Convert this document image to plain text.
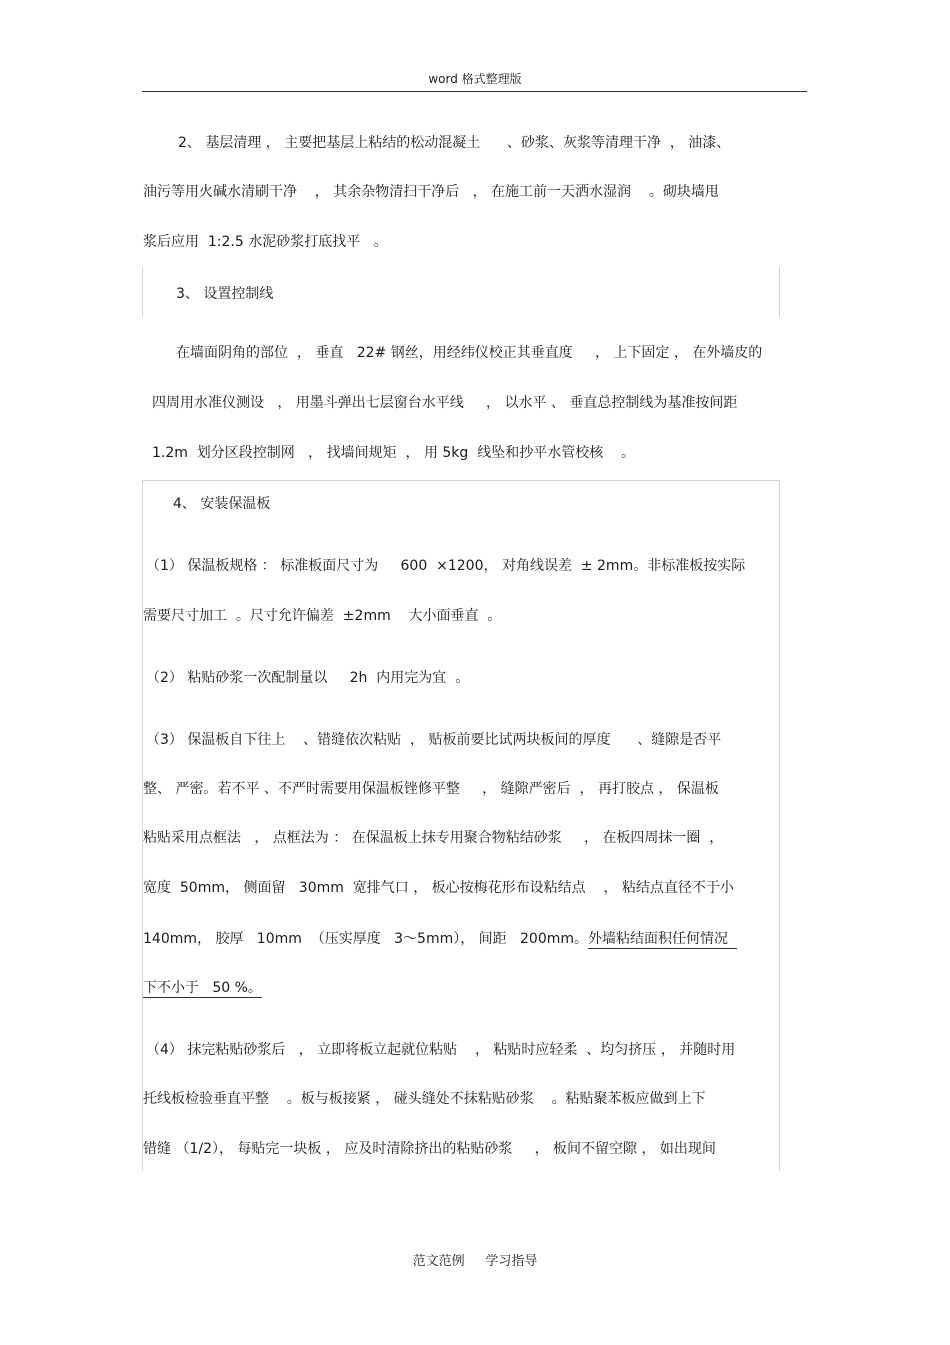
word 格式整理版
2、 基层清理 ， 主要把基层上粘结的松动混凝土      、砂浆、灰浆等清理干净  ， 油漆、
油污等用火碱水清刷干净    ， 其余杂物清扫干净后   ， 在施工前一天洒水湿润    。砌块墙甩
浆后应用  1:2.5 水泥砂浆打底找平   。
3、 设置控制线
在墙面阴角的部位  ， 垂直   22# 钢丝，用经纬仪校正其垂直度     ， 上下固定 ， 在外墙皮的
四周用水准仪测设   ， 用墨斗弹出七层窗台水平线     ， 以水平 、 垂直总控制线为基准按间距
1.2m  划分区段控制网   ， 找墙间规矩  ， 用 5kg  线坠和抄平水管校核    。
4、 安装保温板
（1） 保温板规格 ： 标准板面尺寸为     600  ×1200， 对角线误差  ± 2mm。非标准板按实际
需要尺寸加工  。尺寸允许偏差  ±2mm    大小面垂直  。
（2） 粘贴砂浆一次配制量以     2h  内用完为宜  。
（3） 保温板自下往上    、错缝依次粘贴  ， 贴板前要比试两块板间的厚度      、缝隙是否平
整、 严密。若不平 、不严时需要用保温板锉修平整     ， 缝隙严密后  ， 再打胶点 ， 保温板
粘贴采用点框法   ， 点框法为 ： 在保温板上抹专用聚合物粘结砂浆     ， 在板四周抹一圈  ，
宽度  50mm， 侧面留   30mm  宽排气口 ， 板心按梅花形布设粘结点    ， 粘结点直径不于小
140mm， 胶厚   10mm  （压实厚度   3～5mm）， 间距   200mm。外墙粘结面积任何情况
下不小于   50 %。
（4） 抹完粘贴砂浆后   ， 立即将板立起就位粘贴    ， 粘贴时应轻柔  、均匀挤压 ， 并随时用
托线板检验垂直平整    。板与板接紧 ， 碰头缝处不抹粘贴砂浆    。粘贴聚苯板应做到上下
错缝 （1/2）， 每贴完一块板 ， 应及时清除挤出的粘贴砂浆     ， 板间不留空隙 ， 如出现间
范文范例     学习指导
